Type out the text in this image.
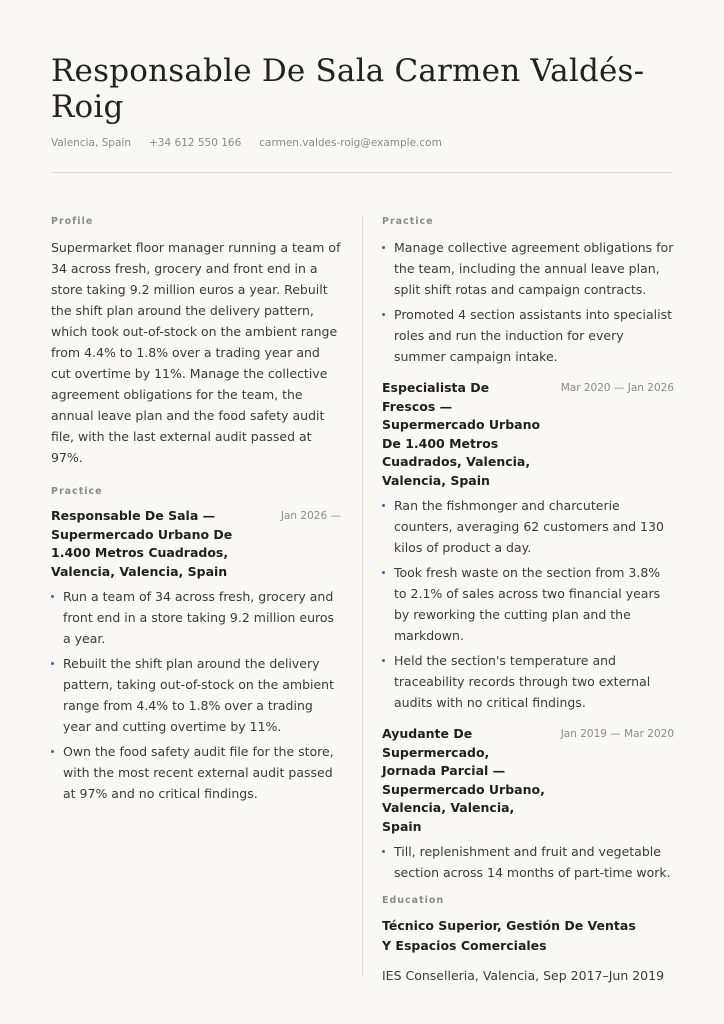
Responsable De Sala Carmen Valdés-Roig
Valencia, Spain +34 612 550 166 carmen.valdes-roig@example.com
Profile

Supermarket floor manager running a team of 34 across fresh, grocery and front end in a store taking 9.2 million euros a year. Rebuilt the shift plan around the delivery pattern, which took out-of-stock on the ambient range from 4.4% to 1.8% over a trading year and cut overtime by 11%. Manage the collective agreement obligations for the team, the annual leave plan and the food safety audit file, with the last external audit passed at 97%.

Practice
Responsable De Sala — Supermercado Urbano De 1.400 Metros Cuadrados, Valencia, Valencia, Spain
Jan 2026 —
Run a team of 34 across fresh, grocery and front end in a store taking 9.2 million euros a year.
Rebuilt the shift plan around the delivery pattern, taking out-of-stock on the ambient range from 4.4% to 1.8% over a trading year and cutting overtime by 11%.
Own the food safety audit file for the store, with the most recent external audit passed at 97% and no critical findings.
Practice
Manage collective agreement obligations for the team, including the annual leave plan, split shift rotas and campaign contracts.
Promoted 4 section assistants into specialist roles and run the induction for every summer campaign intake.
Especialista De Frescos — Supermercado Urbano De 1.400 Metros Cuadrados, Valencia, Valencia, Spain
Mar 2020 — Jan 2026
Ran the fishmonger and charcuterie counters, averaging 62 customers and 130 kilos of product a day.
Took fresh waste on the section from 3.8% to 2.1% of sales across two financial years by reworking the cutting plan and the markdown.
Held the section's temperature and traceability records through two external audits with no critical findings.
Ayudante De Supermercado, Jornada Parcial — Supermercado Urbano, Valencia, Valencia, Spain
Jan 2019 — Mar 2020
Till, replenishment and fruit and vegetable section across 14 months of part-time work.
Education
Técnico Superior, Gestión De Ventas Y Espacios Comerciales
IES Conselleria, Valencia, Sep 2017–Jun 2019
